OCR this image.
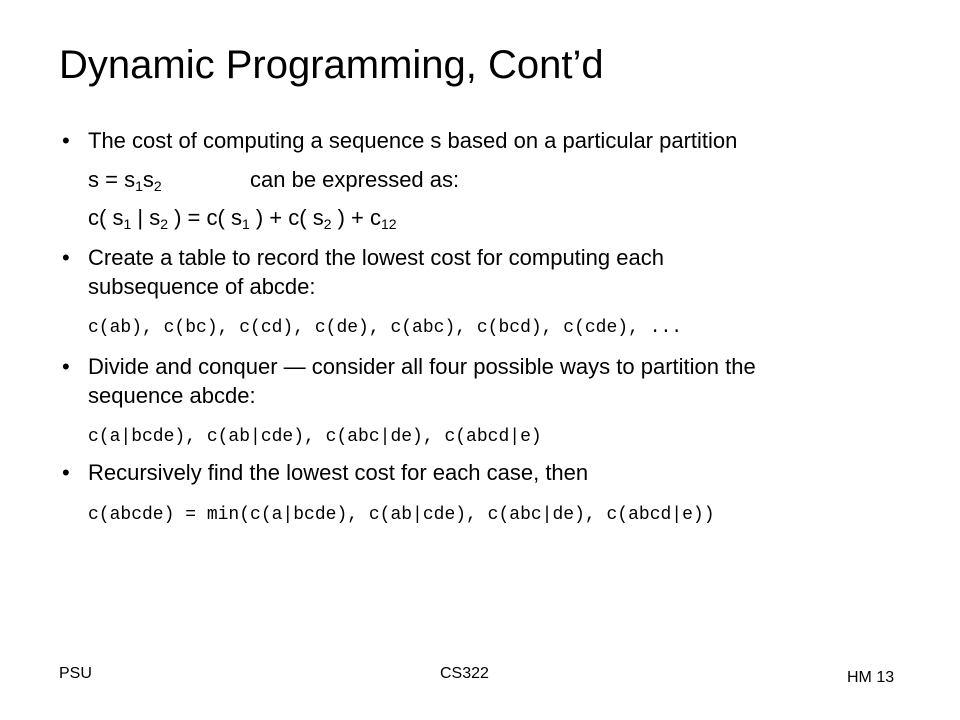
Dynamic Programming, Cont’d
• The cost of computing a sequence s based on a particular partition
$s = s_1s_2$	can be expressed as:
c( $s_1$ | $s_2$ ) = c( $s_1$ ) + c( $s_2$ ) + $c_{12}$
• Create a table to record the lowest cost for computing each
subsequence of abcde:
c(ab), c(bc), c(cd), c(de), c(abc), c(bcd), c(cde), ...
• Divide and conquer — consider all four possible ways to partition the
sequence abcde:
c(a|bcde), c(ab|cde), c(abc|de), c(abcd|e)
• Recursively find the lowest cost for each case, then
c(abcde) = min(c(a|bcde), c(ab|cde), c(abc|de), c(abcd|e))
PSU	CS322	HM 13
